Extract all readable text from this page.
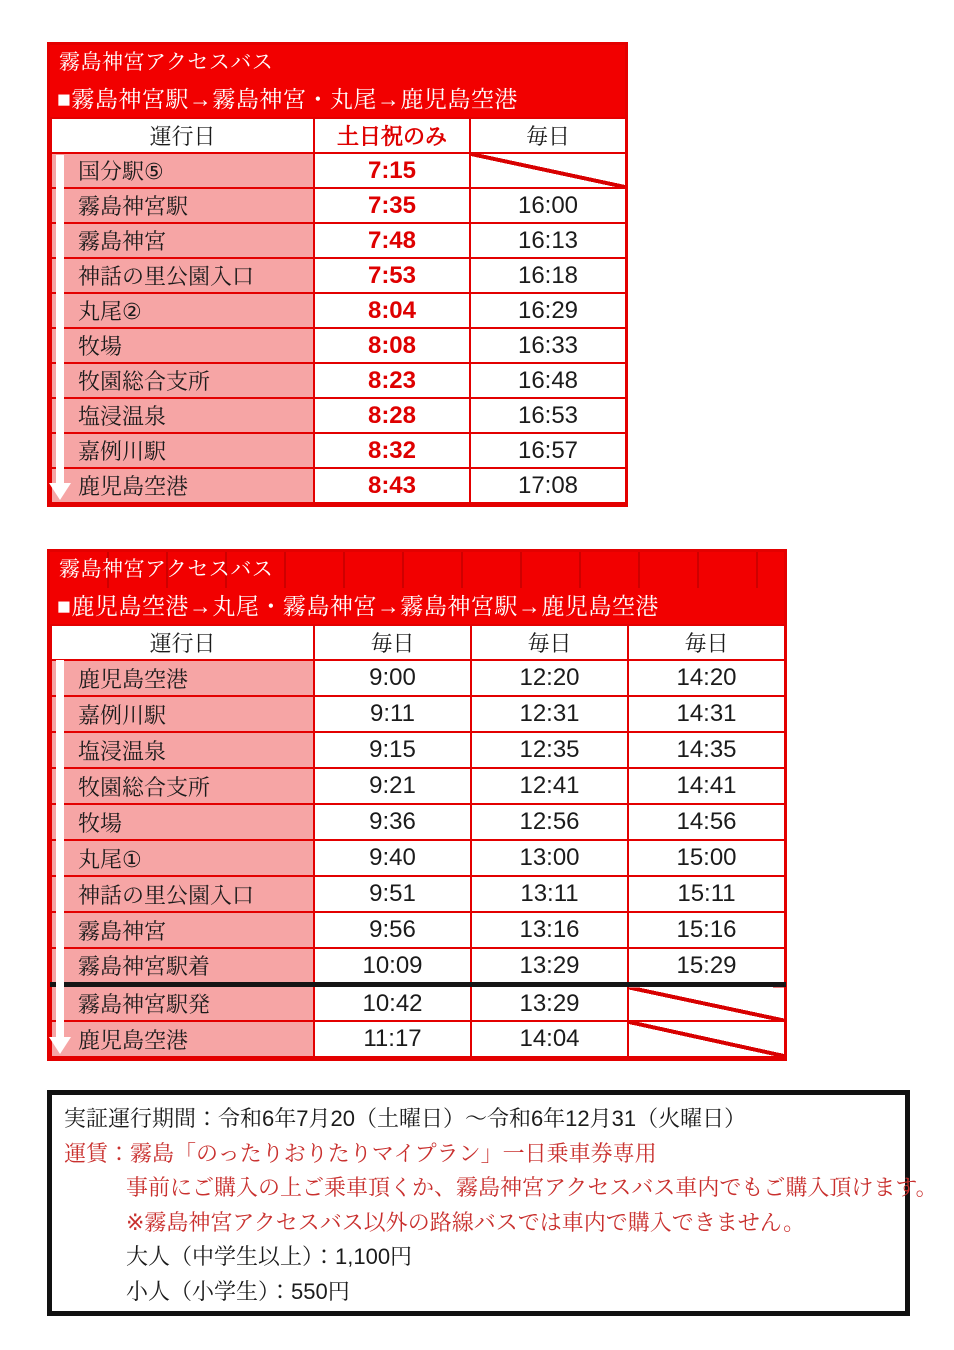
霧島神宮アクセスバス
■霧島神宮駅→霧島神宮・丸尾→鹿児島空港
運行日	土日祝のみ	毎日
国分駅⑤	7:15	
霧島神宮駅	7:35	16:00
霧島神宮	7:48	16:13
神話の里公園入口	7:53	16:18
丸尾②	8:04	16:29
牧場	8:08	16:33
牧園総合支所	8:23	16:48
塩浸温泉	8:28	16:53
嘉例川駅	8:32	16:57
鹿児島空港	8:43	17:08
霧島神宮アクセスバス
■鹿児島空港→丸尾・霧島神宮→霧島神宮駅→鹿児島空港
運行日	毎日	毎日	毎日
鹿児島空港	9:00	12:20	14:20
嘉例川駅	9:11	12:31	14:31
塩浸温泉	9:15	12:35	14:35
牧園総合支所	9:21	12:41	14:41
牧場	9:36	12:56	14:56
丸尾①	9:40	13:00	15:00
神話の里公園入口	9:51	13:11	15:11
霧島神宮	9:56	13:16	15:16
霧島神宮駅着	10:09	13:29	15:29
霧島神宮駅発	10:42	13:29	
鹿児島空港	11:17	14:04	
実証運行期間：令和6年7月20（土曜日）～令和6年12月31（火曜日）
運賃：霧島「のったりおりたりマイプラン」一日乗車券専用
事前にご購入の上ご乗車頂くか、霧島神宮アクセスバス車内でもご購入頂けます。
※霧島神宮アクセスバス以外の路線バスでは車内で購入できません。
大人（中学生以上）：1,100円
小人（小学生）：550円
